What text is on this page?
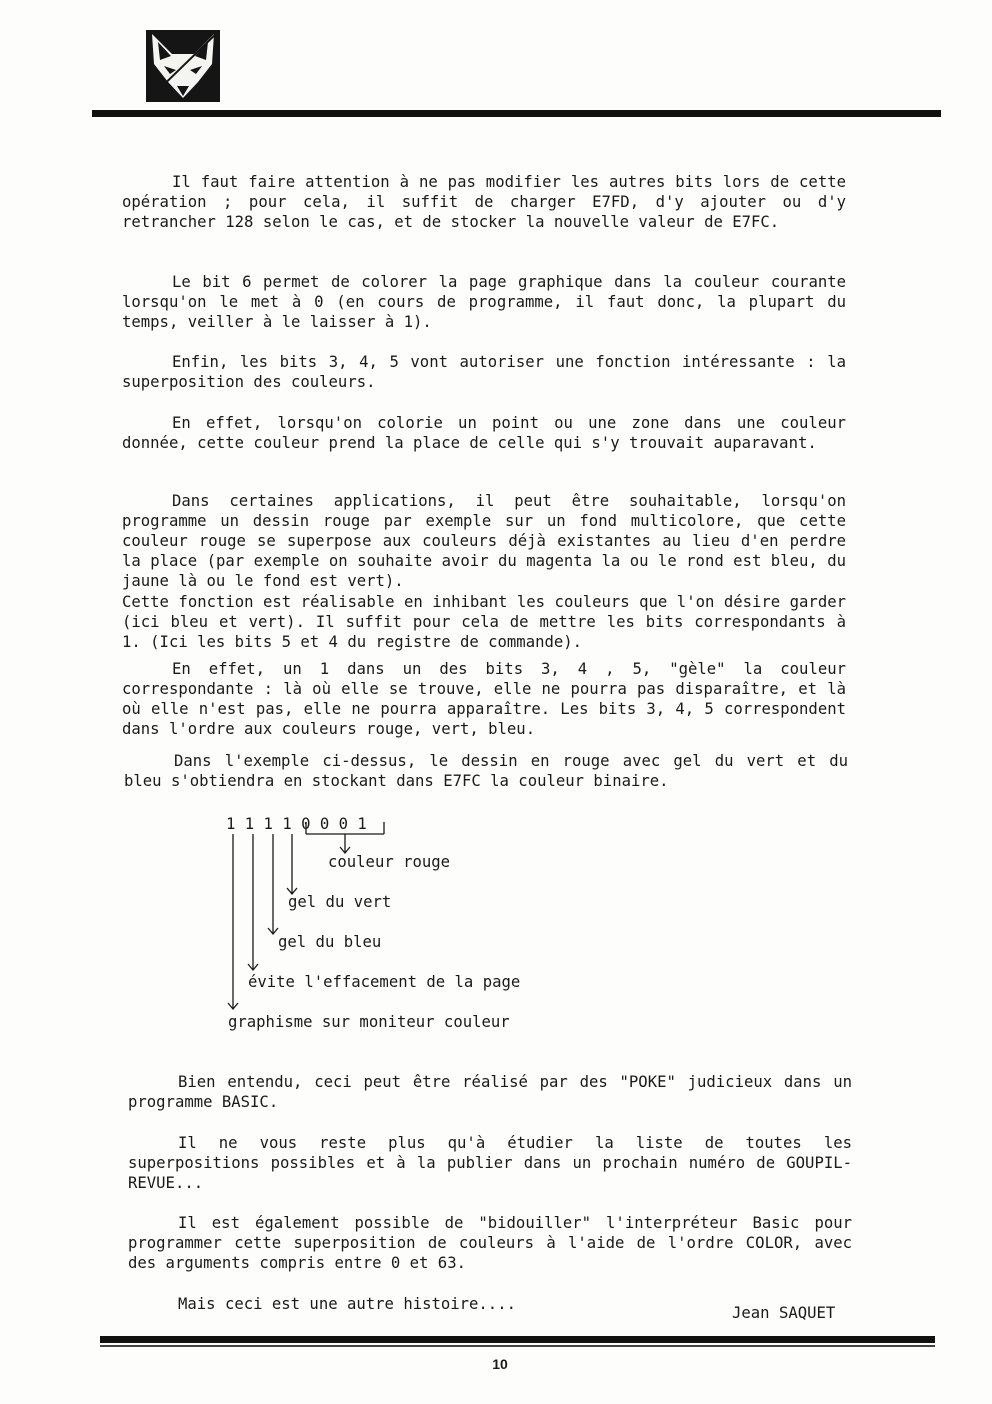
Il faut faire attention à ne pas modifier les autres bits lors de cette opération ; pour cela, il suffit de charger E7FD, d'y ajouter ou d'y retrancher 128 selon le cas, et de stocker la nouvelle valeur de E7FC.

Le bit 6 permet de colorer la page graphique dans la couleur courante lorsqu'on le met à 0 (en cours de programme, il faut donc, la plupart du temps, veiller à le laisser à 1).

Enfin, les bits 3, 4, 5 vont autoriser une fonction intéressante : la superposition des couleurs.

En effet, lorsqu'on colorie un point ou une zone dans une couleur donnée, cette couleur prend la place de celle qui s'y trouvait auparavant.

Dans certaines applications, il peut être souhaitable, lorsqu'on programme un dessin rouge par exemple sur un fond multicolore, que cette couleur rouge se superpose aux couleurs déjà existantes au lieu d'en perdre la place (par exemple on souhaite avoir du magenta la ou le rond est bleu, du jaune là ou le fond est vert).

Cette fonction est réalisable en inhibant les couleurs que l'on désire garder (ici bleu et vert). Il suffit pour cela de mettre les bits correspondants à 1. (Ici les bits 5 et 4 du registre de commande).

En effet, un 1 dans un des bits 3, 4 , 5, "gèle" la couleur correspondante : là où elle se trouve, elle ne pourra pas disparaître, et là où elle n'est pas, elle ne pourra apparaître. Les bits 3, 4, 5 correspondent dans l'ordre aux couleurs rouge, vert, bleu.

Dans l'exemple ci-dessus, le dessin en rouge avec gel du vert et du bleu s'obtiendra en stockant dans E7FC la couleur binaire.

1 1 1 1 0 0 0 1
couleur rouge
gel du vert
gel du bleu
évite l'effacement de la page
graphisme sur moniteur couleur

Bien entendu, ceci peut être réalisé par des "POKE" judicieux dans un programme BASIC.

Il ne vous reste plus qu'à étudier la liste de toutes les superpositions possibles et à la publier dans un prochain numéro de GOUPIL-REVUE...

Il est également possible de "bidouiller" l'interpréteur Basic pour programmer cette superposition de couleurs à l'aide de l'ordre COLOR, avec des arguments compris entre 0 et 63.

Mais ceci est une autre histoire....	Jean SAQUET
10
